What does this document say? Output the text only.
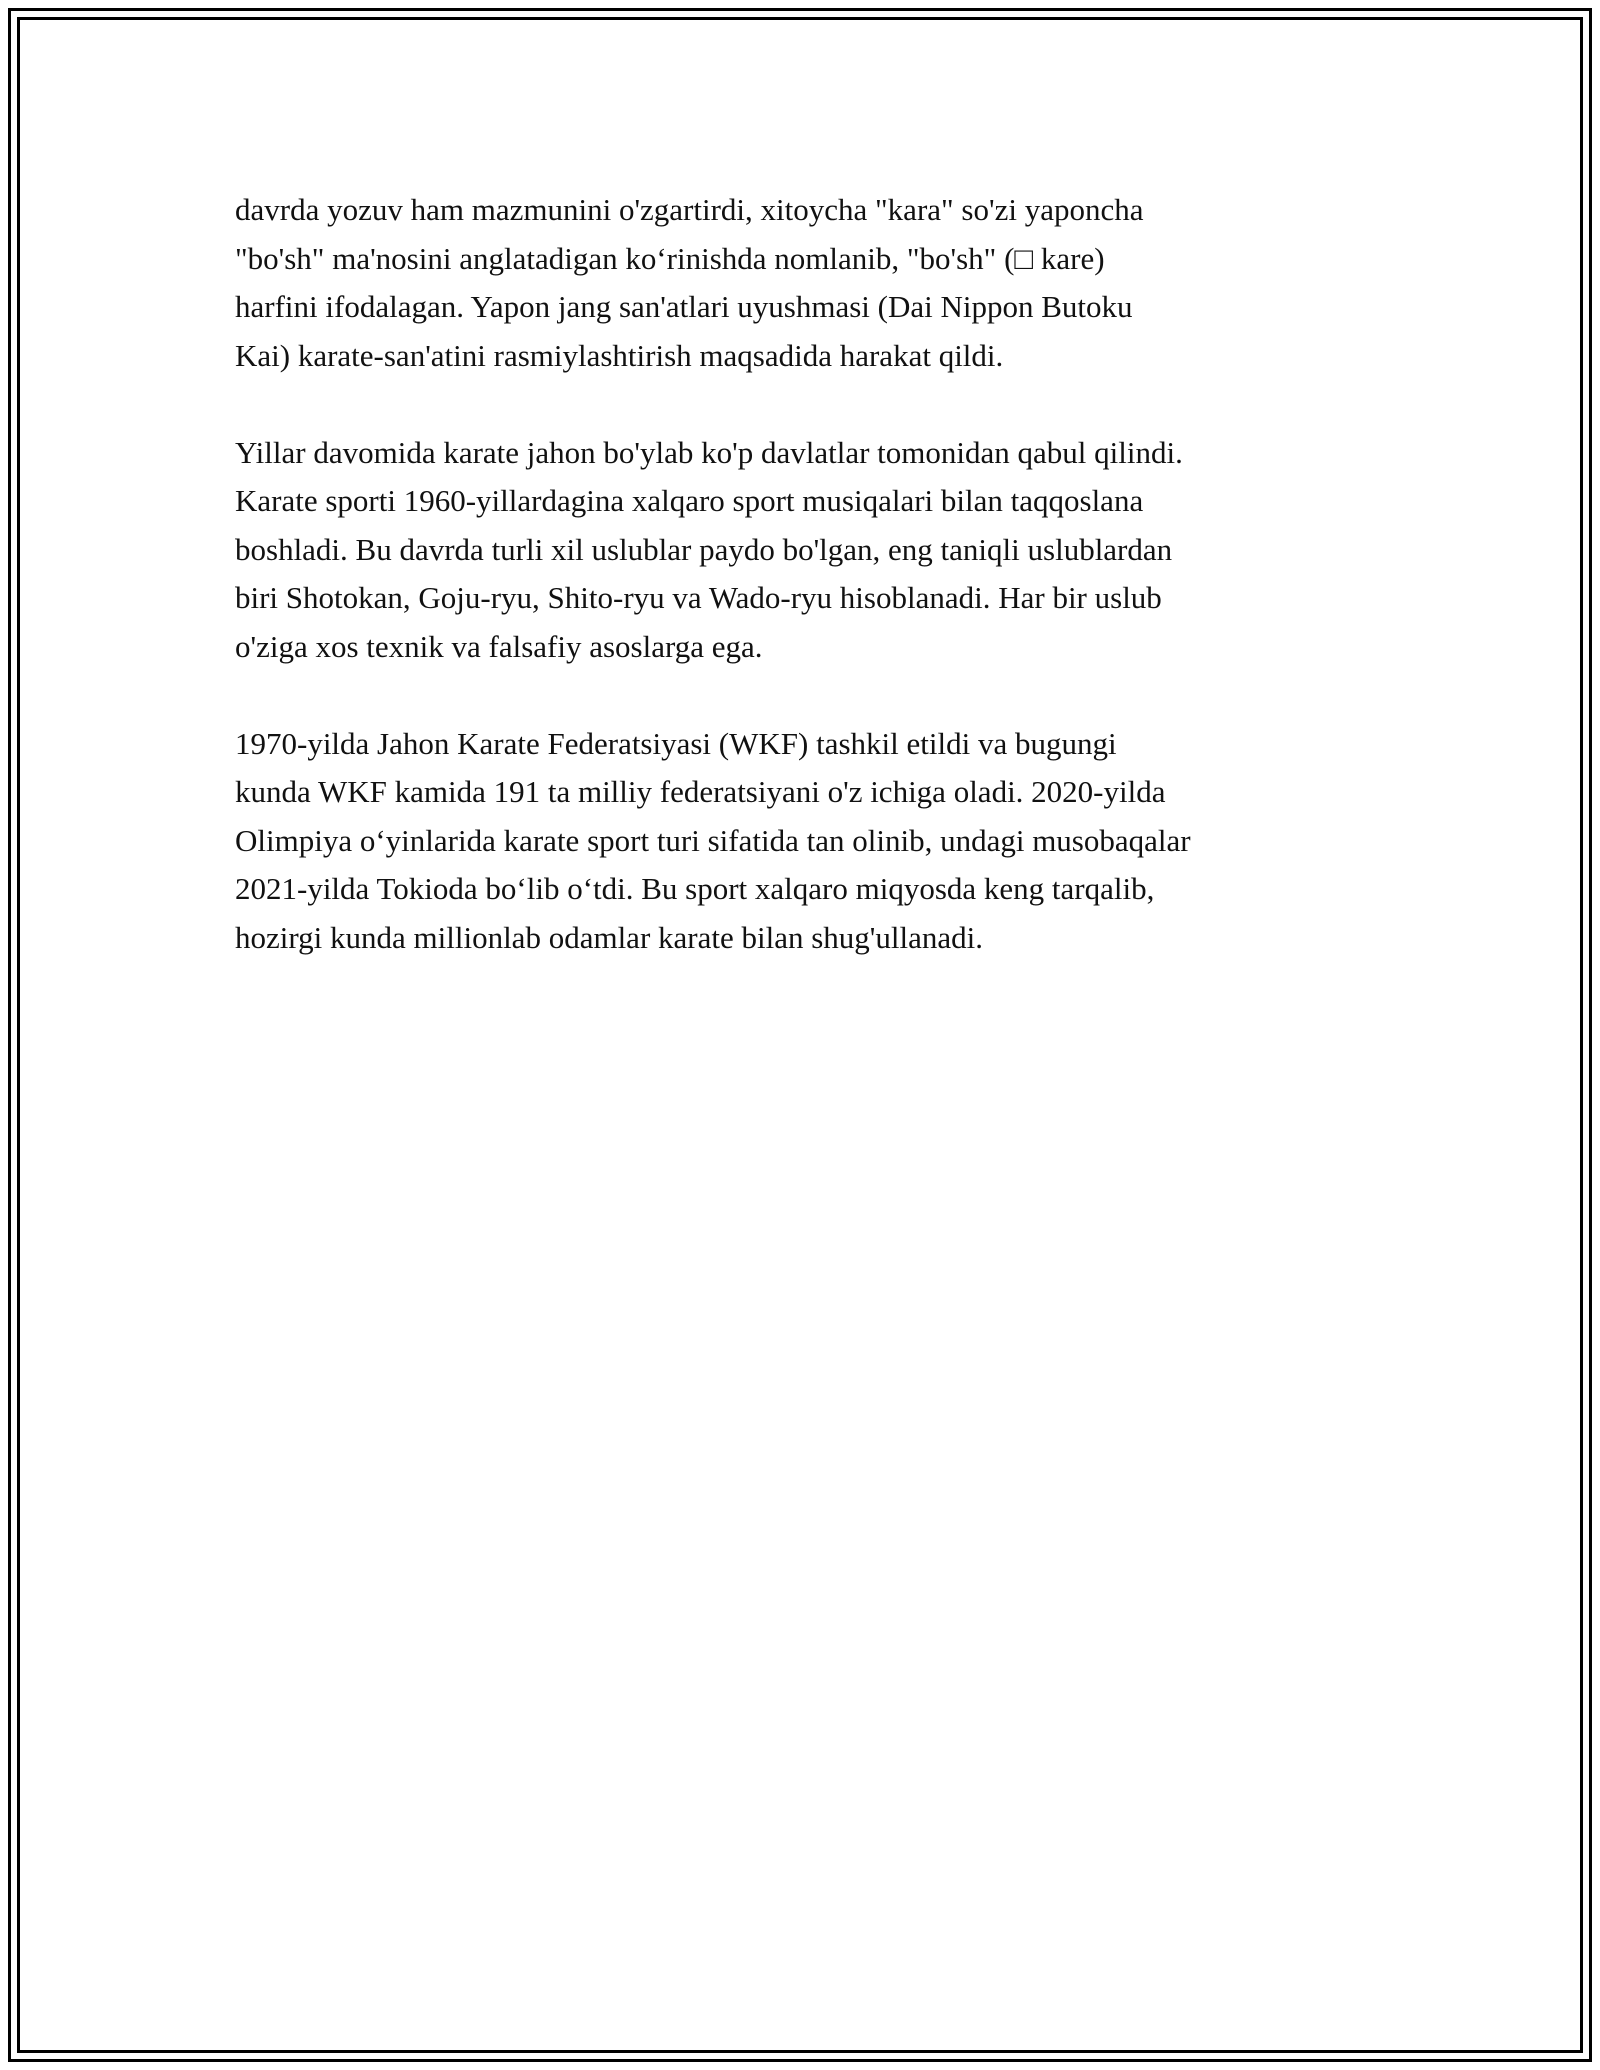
davrda yozuv ham mazmunini o'zgartirdi, xitoycha "kara" so'zi yaponcha
"bo'sh" ma'nosini anglatadigan ko‘rinishda nomlanib, "bo'sh" (□ kare)
harfini ifodalagan. Yapon jang san'atlari uyushmasi (Dai Nippon Butoku
Kai) karate-san'atini rasmiylashtirish maqsadida harakat qildi.
Yillar davomida karate jahon bo'ylab ko'p davlatlar tomonidan qabul qilindi.
Karate sporti 1960-yillardagina xalqaro sport musiqalari bilan taqqoslana
boshladi. Bu davrda turli xil uslublar paydo bo'lgan, eng taniqli uslublardan
biri Shotokan, Goju-ryu, Shito-ryu va Wado-ryu hisoblanadi. Har bir uslub
o'ziga xos texnik va falsafiy asoslarga ega.
1970-yilda Jahon Karate Federatsiyasi (WKF) tashkil etildi va bugungi
kunda WKF kamida 191 ta milliy federatsiyani o'z ichiga oladi. 2020-yilda
Olimpiya o‘yinlarida karate sport turi sifatida tan olinib, undagi musobaqalar
2021-yilda Tokioda bo‘lib o‘tdi. Bu sport xalqaro miqyosda keng tarqalib,
hozirgi kunda millionlab odamlar karate bilan shug'ullanadi.
